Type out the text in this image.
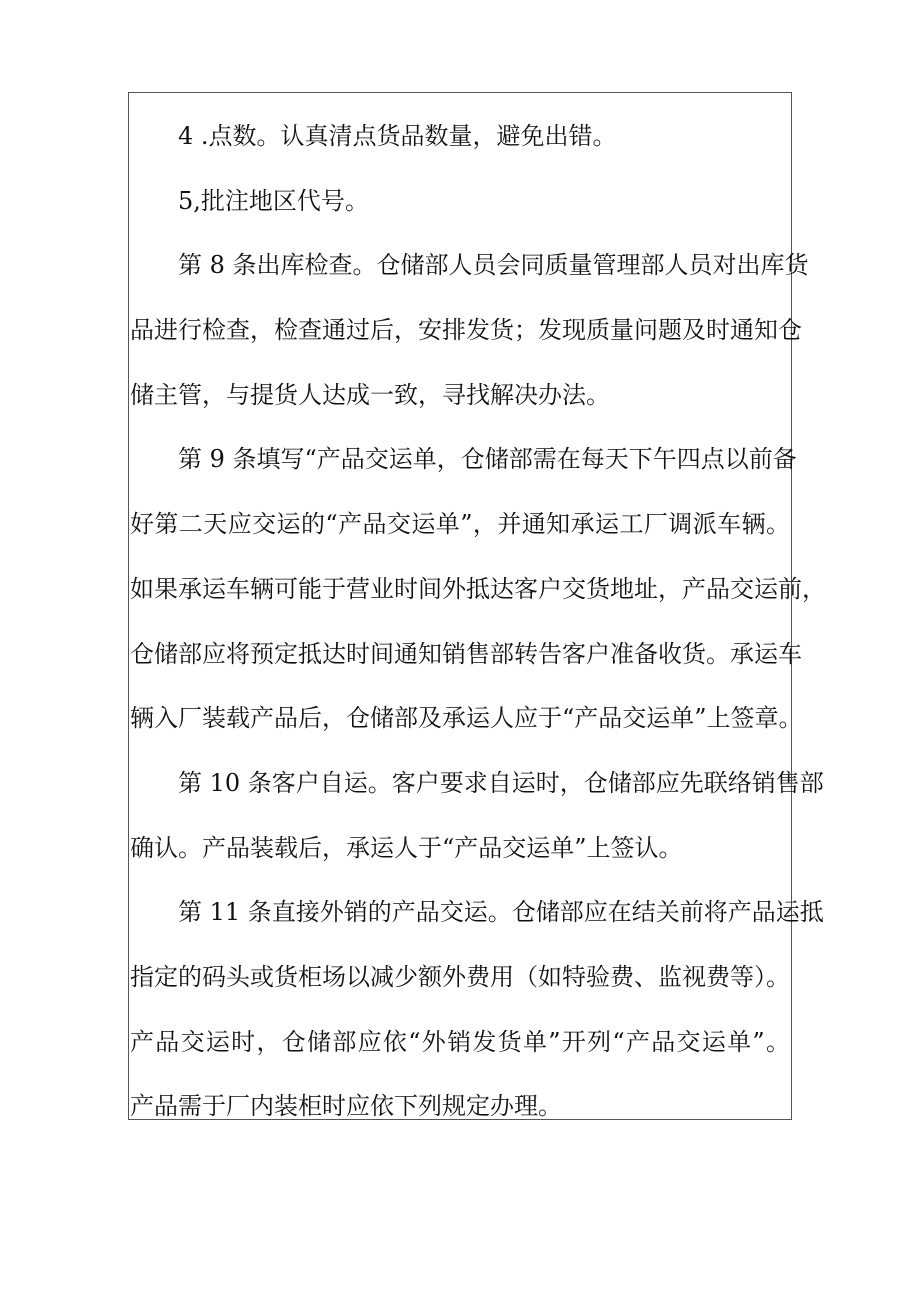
4 .点数。认真清点货品数量，避免出错。
5,批注地区代号。
第 8 条出库检查。仓储部人员会同质量管理部人员对出库货
品进行检查，检查通过后，安排发货；发现质量问题及时通知仓
储主管，与提货人达成一致，寻找解决办法。
第 9 条填写“产品交运单，仓储部需在每天下午四点以前备
好第二天应交运的“产品交运单”，并通知承运工厂调派车辆。
如果承运车辆可能于营业时间外抵达客户交货地址，产品交运前，
仓储部应将预定抵达时间通知销售部转告客户准备收货。承运车
辆入厂装载产品后，仓储部及承运人应于“产品交运单”上签章。
第 10 条客户自运。客户要求自运时，仓储部应先联络销售部
确认。产品装载后，承运人于“产品交运单”上签认。
第 11 条直接外销的产品交运。仓储部应在结关前将产品运抵
指定的码头或货柜场以减少额外费用（如特验费、监视费等）。
产品交运时，仓储部应依“外销发货单”开列“产品交运单”。
产品需于厂内装柜时应依下列规定办理。
